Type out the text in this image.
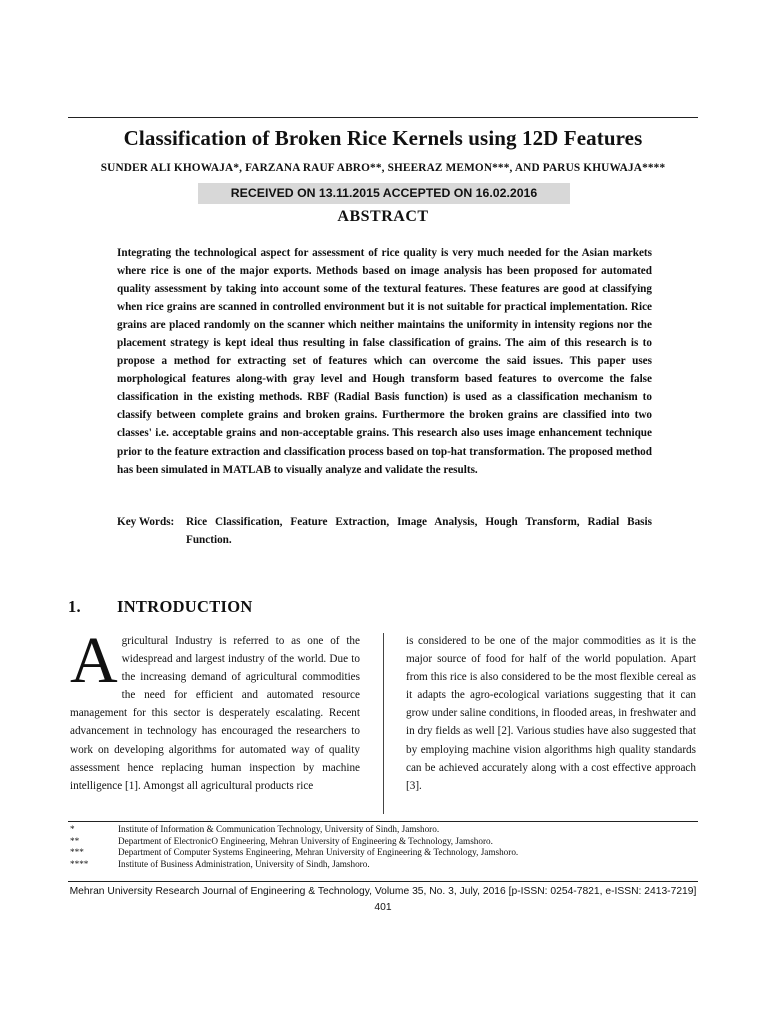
Classification of Broken Rice Kernels using 12D Features
SUNDER ALI KHOWAJA*, FARZANA RAUF ABRO**, SHEERAZ MEMON***, AND PARUS KHUWAJA****
RECEIVED ON 13.11.2015 ACCEPTED ON 16.02.2016
ABSTRACT
Integrating the technological aspect for assessment of rice quality is very much needed for the Asian markets where rice is one of the major exports. Methods based on image analysis has been proposed for automated quality assessment by taking into account some of the textural features. These features are good at classifying when rice grains are scanned in controlled environment but it is not suitable for practical implementation. Rice grains are placed randomly on the scanner which neither maintains the uniformity in intensity regions nor the placement strategy is kept ideal thus resulting in false classification of grains. The aim of this research is to propose a method for extracting set of features which can overcome the said issues. This paper uses morphological features along-with gray level and Hough transform based features to overcome the false classification in the existing methods. RBF (Radial Basis function) is used as a classification mechanism to classify between complete grains and broken grains. Furthermore the broken grains are classified into two classes' i.e. acceptable grains and non-acceptable grains. This research also uses image enhancement technique prior to the feature extraction and classification process based on top-hat transformation. The proposed method has been simulated in MATLAB to visually analyze and validate the results.
Key Words: Rice Classification, Feature Extraction, Image Analysis, Hough Transform, Radial Basis Function.
1. INTRODUCTION
Agricultural Industry is referred to as one of the widespread and largest industry of the world. Due to the increasing demand of agricultural commodities the need for efficient and automated resource management for this sector is desperately escalating. Recent advancement in technology has encouraged the researchers to work on developing algorithms for automated way of quality assessment hence replacing human inspection by machine intelligence [1]. Amongst all agricultural products rice
is considered to be one of the major commodities as it is the major source of food for half of the world population. Apart from this rice is also considered to be the most flexible cereal as it adapts the agro-ecological variations suggesting that it can grow under saline conditions, in flooded areas, in freshwater and in dry fields as well [2]. Various studies have also suggested that by employing machine vision algorithms high quality standards can be achieved accurately along with a cost effective approach [3].
*	Institute of Information & Communication Technology, University of Sindh, Jamshoro.
**	Department of ElectronicO Engineering, Mehran University of Engineering & Technology, Jamshoro.
***	Department of Computer Systems Engineering, Mehran University of Engineering & Technology, Jamshoro.
****	Institute of Business Administration, University of Sindh, Jamshoro.
Mehran University Research Journal of Engineering & Technology, Volume 35, No. 3, July, 2016 [p-ISSN: 0254-7821, e-ISSN: 2413-7219]
401
